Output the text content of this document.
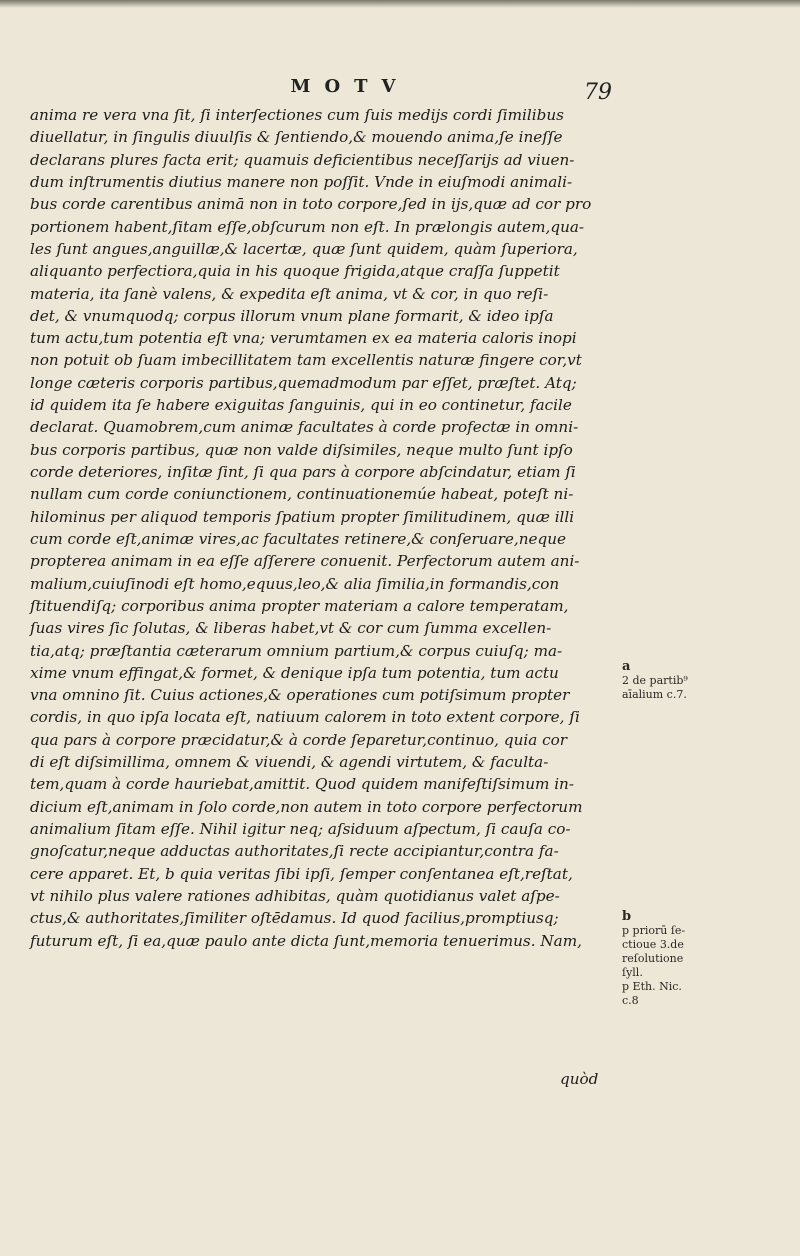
MOTV	79
anima re vera vna ſit, ſi interſectiones cum ſuis medijs cordi ſimilibus
diuellatur, in ſingulis diuulſis & ſentiendo,& mouendo anima,ſe ineſſe
declarans plures facta erit; quamuis deficientibus neceſſarijs ad viuen-
dum inſtrumentis diutius manere non poſſit. Vnde in eiuſmodi animali-
bus corde carentibus animā non in toto corpore,ſed in ijs,quæ ad cor pro
portionem habent,ſitam eſſe,obſcurum non eſt. In prælongis autem,qua-
les ſunt angues,anguillæ,& lacertæ, quæ ſunt quidem, quàm ſuperiora,
aliquanto perfectiora,quia in his quoque frigida,atque craſſa ſuppetit
materia, ita ſanè valens, & expedita eſt anima, vt & cor, in quo reſi-
det, & vnumquodq; corpus illorum vnum plane formarit, & ideo ipſa
tum actu,tum potentia eſt vna; verumtamen ex ea materia caloris inopi
non potuit ob ſuam imbecillitatem tam excellentis naturæ fingere cor,vt
longe cæteris corporis partibus,quemadmodum par eſſet, præſtet. Atq;
id quidem ita ſe habere exiguitas ſanguinis, qui in eo continetur, facile
declarat. Quamobrem,cum animæ facultates à corde profectæ in omni-
bus corporis partibus, quæ non valde diſsimiles, neque multo ſunt ipſo
corde deteriores, inſitæ ſint, ſi qua pars à corpore abſcindatur, etiam ſi
nullam cum corde coniunctionem, continuationemúe habeat, poteſt ni-
hilominus per aliquod temporis ſpatium propter ſimilitudinem, quæ illi
cum corde eſt,animæ vires,ac facultates retinere,& conſeruare,neque
propterea animam in ea eſſe aſſerere conuenit. Perfectorum autem ani-
malium,cuiuſinodi eſt homo,equus,leo,& alia ſimilia,in formandis,con
ſtituendiſq; corporibus anima propter materiam a calore temperatam,
ſuas vires ſic ſolutas, & liberas habet,vt & cor cum ſumma excellen-
tia,atq; præſtantia cæterarum omnium partium,& corpus cuiuſq; ma-
xime vnum effingat,& formet, & denique ipſa tum potentia, tum actu
vna omnino ſit. Cuius actiones,& operationes cum potiſsimum propter
cordis, in quo ipſa locata eſt, natiuum calorem in toto extent corpore, ſi
qua pars à corpore præcidatur,& à corde ſeparetur,continuo, quia cor
di eſt diſsimillima, omnem & viuendi, & agendi virtutem, & faculta-
tem,quam à corde hauriebat,amittit. Quod quidem manifeſtiſsimum in-
dicium eſt,animam in ſolo corde,non autem in toto corpore perfectorum
animalium ſitam eſſe. Nihil igitur neq; aſsiduum aſpectum, ſi cauſa co-
gnoſcatur,neque adductas authoritates,ſi recte accipiantur,contra fa-
cere apparet. Et, b quia veritas ſibi ipſi, ſemper conſentanea eſt,reſtat,
vt nihilo plus valere rationes adhibitas, quàm quotidianus valet aſpe-
ctus,& authoritates,ſimiliter oſtēdamus. Id quod facilius,promptiusq;
futurum eſt, ſi ea,quæ paulo ante dicta ſunt,memoria tenuerimus. Nam,
quòd
a
2 de partib⁹
aīalium c.7.
b
p priorū ſe-
ctioue 3.de
reſolutione
ſyll.
p Eth. Nic.
c.8
